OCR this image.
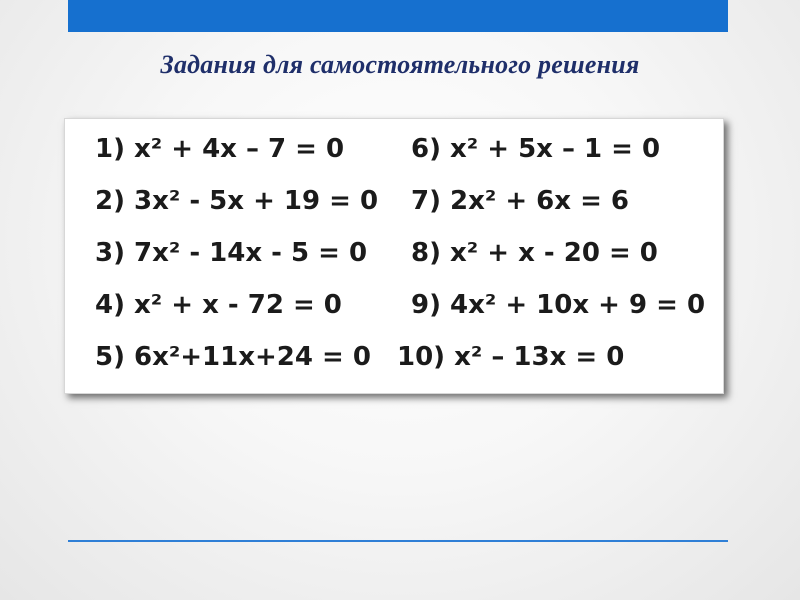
Задания для самостоятельного решения
1) x² + 4x – 7 = 0
2) 3x² - 5x + 19 = 0
3) 7x² - 14x - 5 = 0
4) x² + x - 72 = 0
5) 6x²+11x+24 = 0
6) x² + 5x – 1 = 0
7) 2x² + 6x = 6
8) x² + x - 20 = 0
9) 4x² + 10x + 9 = 0
10) x² – 13x = 0
